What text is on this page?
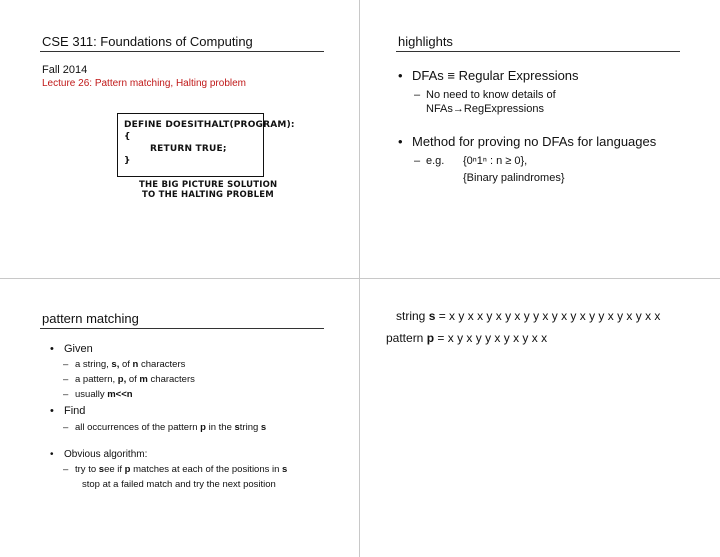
CSE 311: Foundations of Computing
Fall 2014
Lecture 26: Pattern matching, Halting problem
DEFINE DOESITHALT(PROGRAM):
{
RETURN TRUE;
}
THE BIG PICTURE SOLUTION
TO THE HALTING PROBLEM
highlights
• DFAs ≡ Regular Expressions
– No need to know details of
NFAs→RegExpressions
• Method for proving no DFAs for languages
– e.g. {0ⁿ1ⁿ : n ≥ 0},
{Binary palindromes}
pattern matching
• Given
– a string, s, of n characters
– a pattern, p, of m characters
– usually m<<n
• Find
– all occurrences of the pattern p in the string s
• Obvious algorithm:
– try to see if p matches at each of the positions in s
stop at a failed match and try the next position
string s = x y x x y x y x y y x y x y x y y x y x y x x
pattern p = x y x y y x y x y x x
